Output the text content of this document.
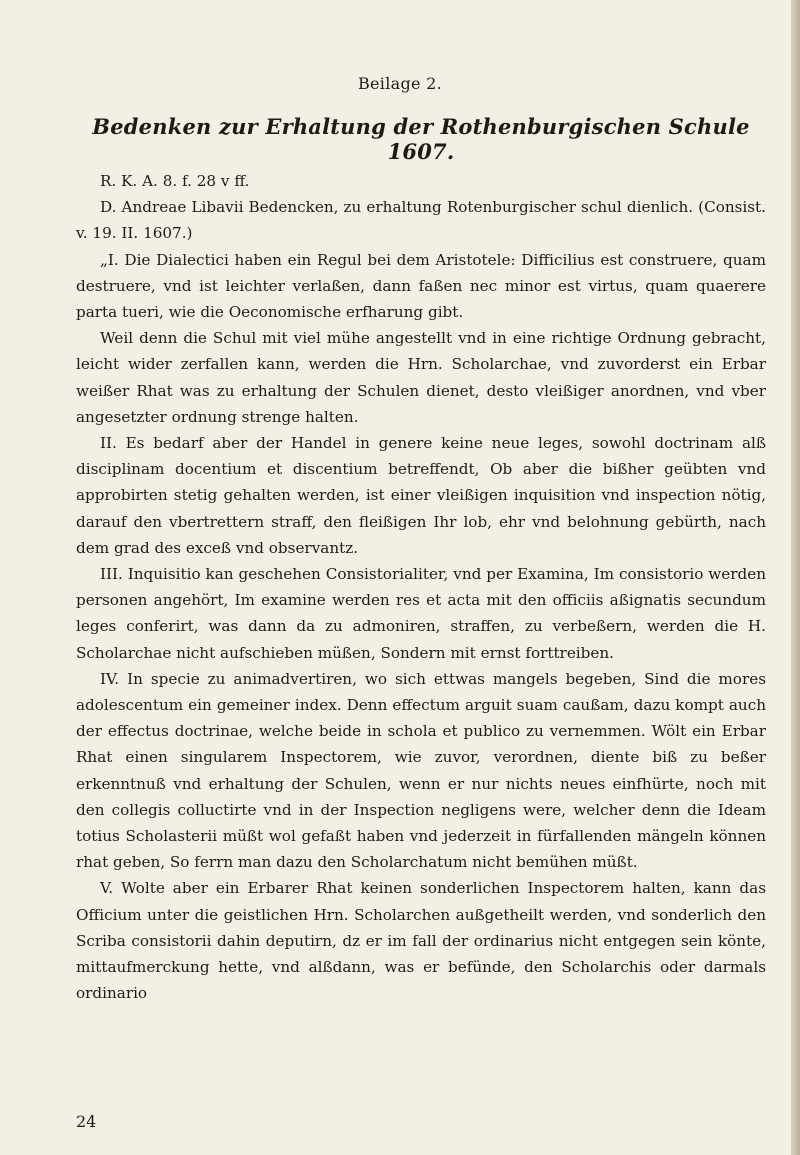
Beilage 2.
Bedenken zur Erhaltung der Rothenburgischen Schule 1607.

R. K. A. 8. f. 28 v ff.

D. Andreae Libavii Bedencken, zu erhaltung Rotenburgischer schul dienlich. (Consist. v. 19. II. 1607.)

„I. Die Dialectici haben ein Regul bei dem Aristotele: Difficilius est construere, quam destruere, vnd ist leichter verlaßen, dann faßen nec minor est virtus, quam quaerere parta tueri, wie die Oeconomische erfharung gibt.

Weil denn die Schul mit viel mühe angestellt vnd in eine richtige Ordnung gebracht, leicht wider zerfallen kann, werden die Hrn. Scholarchae, vnd zuvorderst ein Erbar weißer Rhat was zu erhaltung der Schulen dienet, desto vleißiger anordnen, vnd vber angesetzter ordnung strenge halten.

II. Es bedarf aber der Handel in genere keine neue leges, sowohl doctrinam alß disciplinam docentium et discentium betreffendt, Ob aber die bißher geübten vnd approbirten stetig gehalten werden, ist einer vleißigen inquisition vnd inspection nötig, darauf den vbertrettern straff, den fleißigen Ihr lob, ehr vnd belohnung gebürth, nach dem grad des exceß vnd observantz.

III. Inquisitio kan geschehen Consistorialiter, vnd per Examina, Im consistorio werden personen angehört, Im examine werden res et acta mit den officiis aßignatis secundum leges conferirt, was dann da zu admoniren, straffen, zu verbeßern, werden die H. Scholarchae nicht aufschieben müßen, Sondern mit ernst forttreiben.

IV. In specie zu animadvertiren, wo sich ettwas mangels begeben, Sind die mores adolescentum ein gemeiner index. Denn effectum arguit suam caußam, dazu kompt auch der effectus doctrinae, welche beide in schola et publico zu vernemmen. Wölt ein Erbar Rhat einen singularem Inspectorem, wie zuvor, verordnen, diente biß zu beßer erkenntnuß vnd erhaltung der Schulen, wenn er nur nichts neues einfhürte, noch mit den collegis colluctirte vnd in der Inspection negligens were, welcher denn die Ideam totius Scholasterii müßt wol gefaßt haben vnd jederzeit in fürfallenden mängeln können rhat geben, So ferrn man dazu den Scholarchatum nicht bemühen müßt.

V. Wolte aber ein Erbarer Rhat keinen sonderlichen Inspectorem halten, kann das Officium unter die geistlichen Hrn. Scholarchen außgetheilt werden, vnd sonderlich den Scriba consistorii dahin deputirn, dz er im fall der ordinarius nicht entgegen sein könte, mittaufmerckung hette, vnd alßdann, was er befünde, den Scholarchis oder darmals ordinario

24
